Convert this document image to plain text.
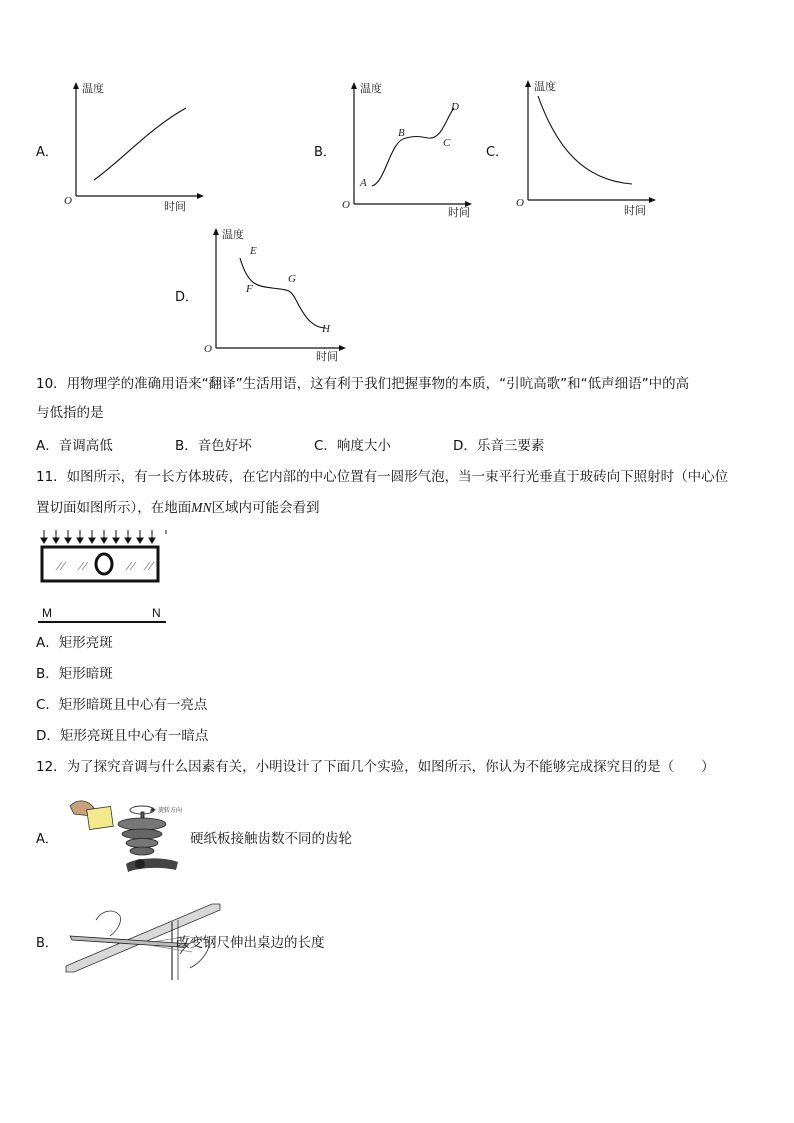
A．
温度
O	时间
B．
温度
O
时间
A
B
C
D
C．
温度
O
时间
D．
温度
O
时间
E
F
G
H
10．用物理学的准确用语来“翻译”生活用语，这有利于我们把握事物的本质，“引吭高歌”和“低声细语”中的高
与低指的是
A．音调高低	B．音色好坏	C．响度大小	D．乐音三要素
11．如图所示，有一长方体玻砖，在它内部的中心位置有一圆形气泡，当一束平行光垂直于玻砖向下照射时（中心位
置切面如图所示），在地面MN区域内可能会看到
M	N
A．矩形亮斑
B．矩形暗斑
C．矩形暗斑且中心有一亮点
D．矩形亮斑且中心有一暗点
12．为了探究音调与什么因素有关，小明设计了下面几个实验，如图所示，你认为不能够完成探究目的是（　　）
A．
旋转方向
硬纸板接触齿数不同的齿轮
B．	改变钢尺伸出桌边的长度
